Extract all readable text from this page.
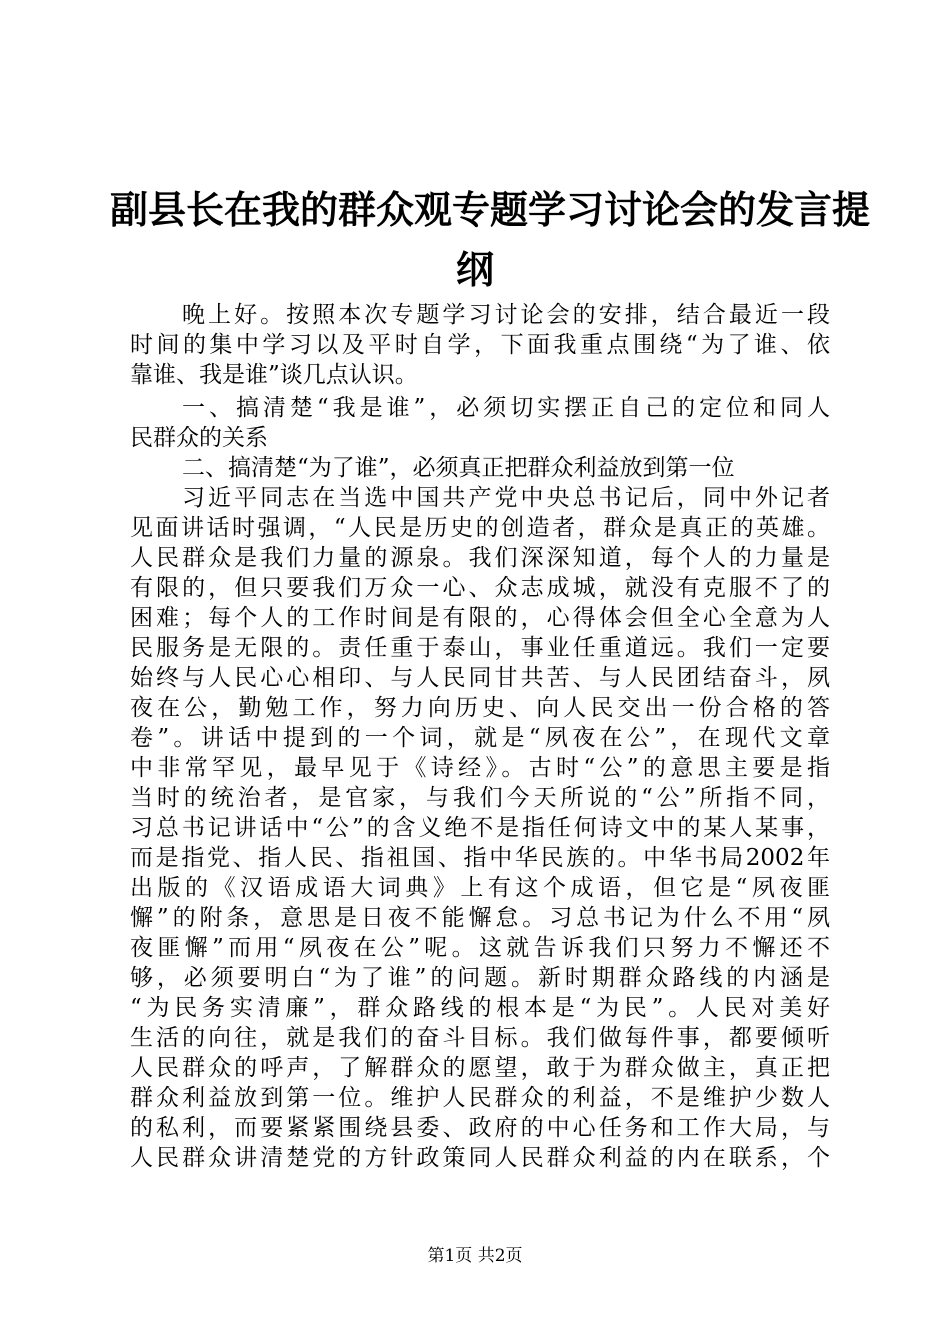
副县长在我的群众观专题学习讨论会的发言提
纲
晚上好。按照本次专题学习讨论会的安排，结合最近一段
时间的集中学习以及平时自学，下面我重点围绕“为了谁、依
靠谁、我是谁”谈几点认识。
一、搞清楚“我是谁”，必须切实摆正自己的定位和同人
民群众的关系
二、搞清楚“为了谁”，必须真正把群众利益放到第一位
习近平同志在当选中国共产党中央总书记后，同中外记者
见面讲话时强调，“人民是历史的创造者，群众是真正的英雄。
人民群众是我们力量的源泉。我们深深知道，每个人的力量是
有限的，但只要我们万众一心、众志成城，就没有克服不了的
困难；每个人的工作时间是有限的，心得体会但全心全意为人
民服务是无限的。责任重于泰山，事业任重道远。我们一定要
始终与人民心心相印、与人民同甘共苦、与人民团结奋斗，夙
夜在公，勤勉工作，努力向历史、向人民交出一份合格的答
卷”。讲话中提到的一个词，就是“夙夜在公”，在现代文章
中非常罕见，最早见于《诗经》。古时“公”的意思主要是指
当时的统治者，是官家，与我们今天所说的“公”所指不同，
习总书记讲话中“公”的含义绝不是指任何诗文中的某人某事，
而是指党、指人民、指祖国、指中华民族的。中华书局2002年
出版的《汉语成语大词典》上有这个成语，但它是“夙夜匪
懈”的附条，意思是日夜不能懈怠。习总书记为什么不用“夙
夜匪懈”而用“夙夜在公”呢。这就告诉我们只努力不懈还不
够，必须要明白“为了谁”的问题。新时期群众路线的内涵是
“为民务实清廉”，群众路线的根本是“为民”。人民对美好
生活的向往，就是我们的奋斗目标。我们做每件事，都要倾听
人民群众的呼声，了解群众的愿望，敢于为群众做主，真正把
群众利益放到第一位。维护人民群众的利益，不是维护少数人
的私利，而要紧紧围绕县委、政府的中心任务和工作大局，与
人民群众讲清楚党的方针政策同人民群众利益的内在联系，个
第1页 共2页
